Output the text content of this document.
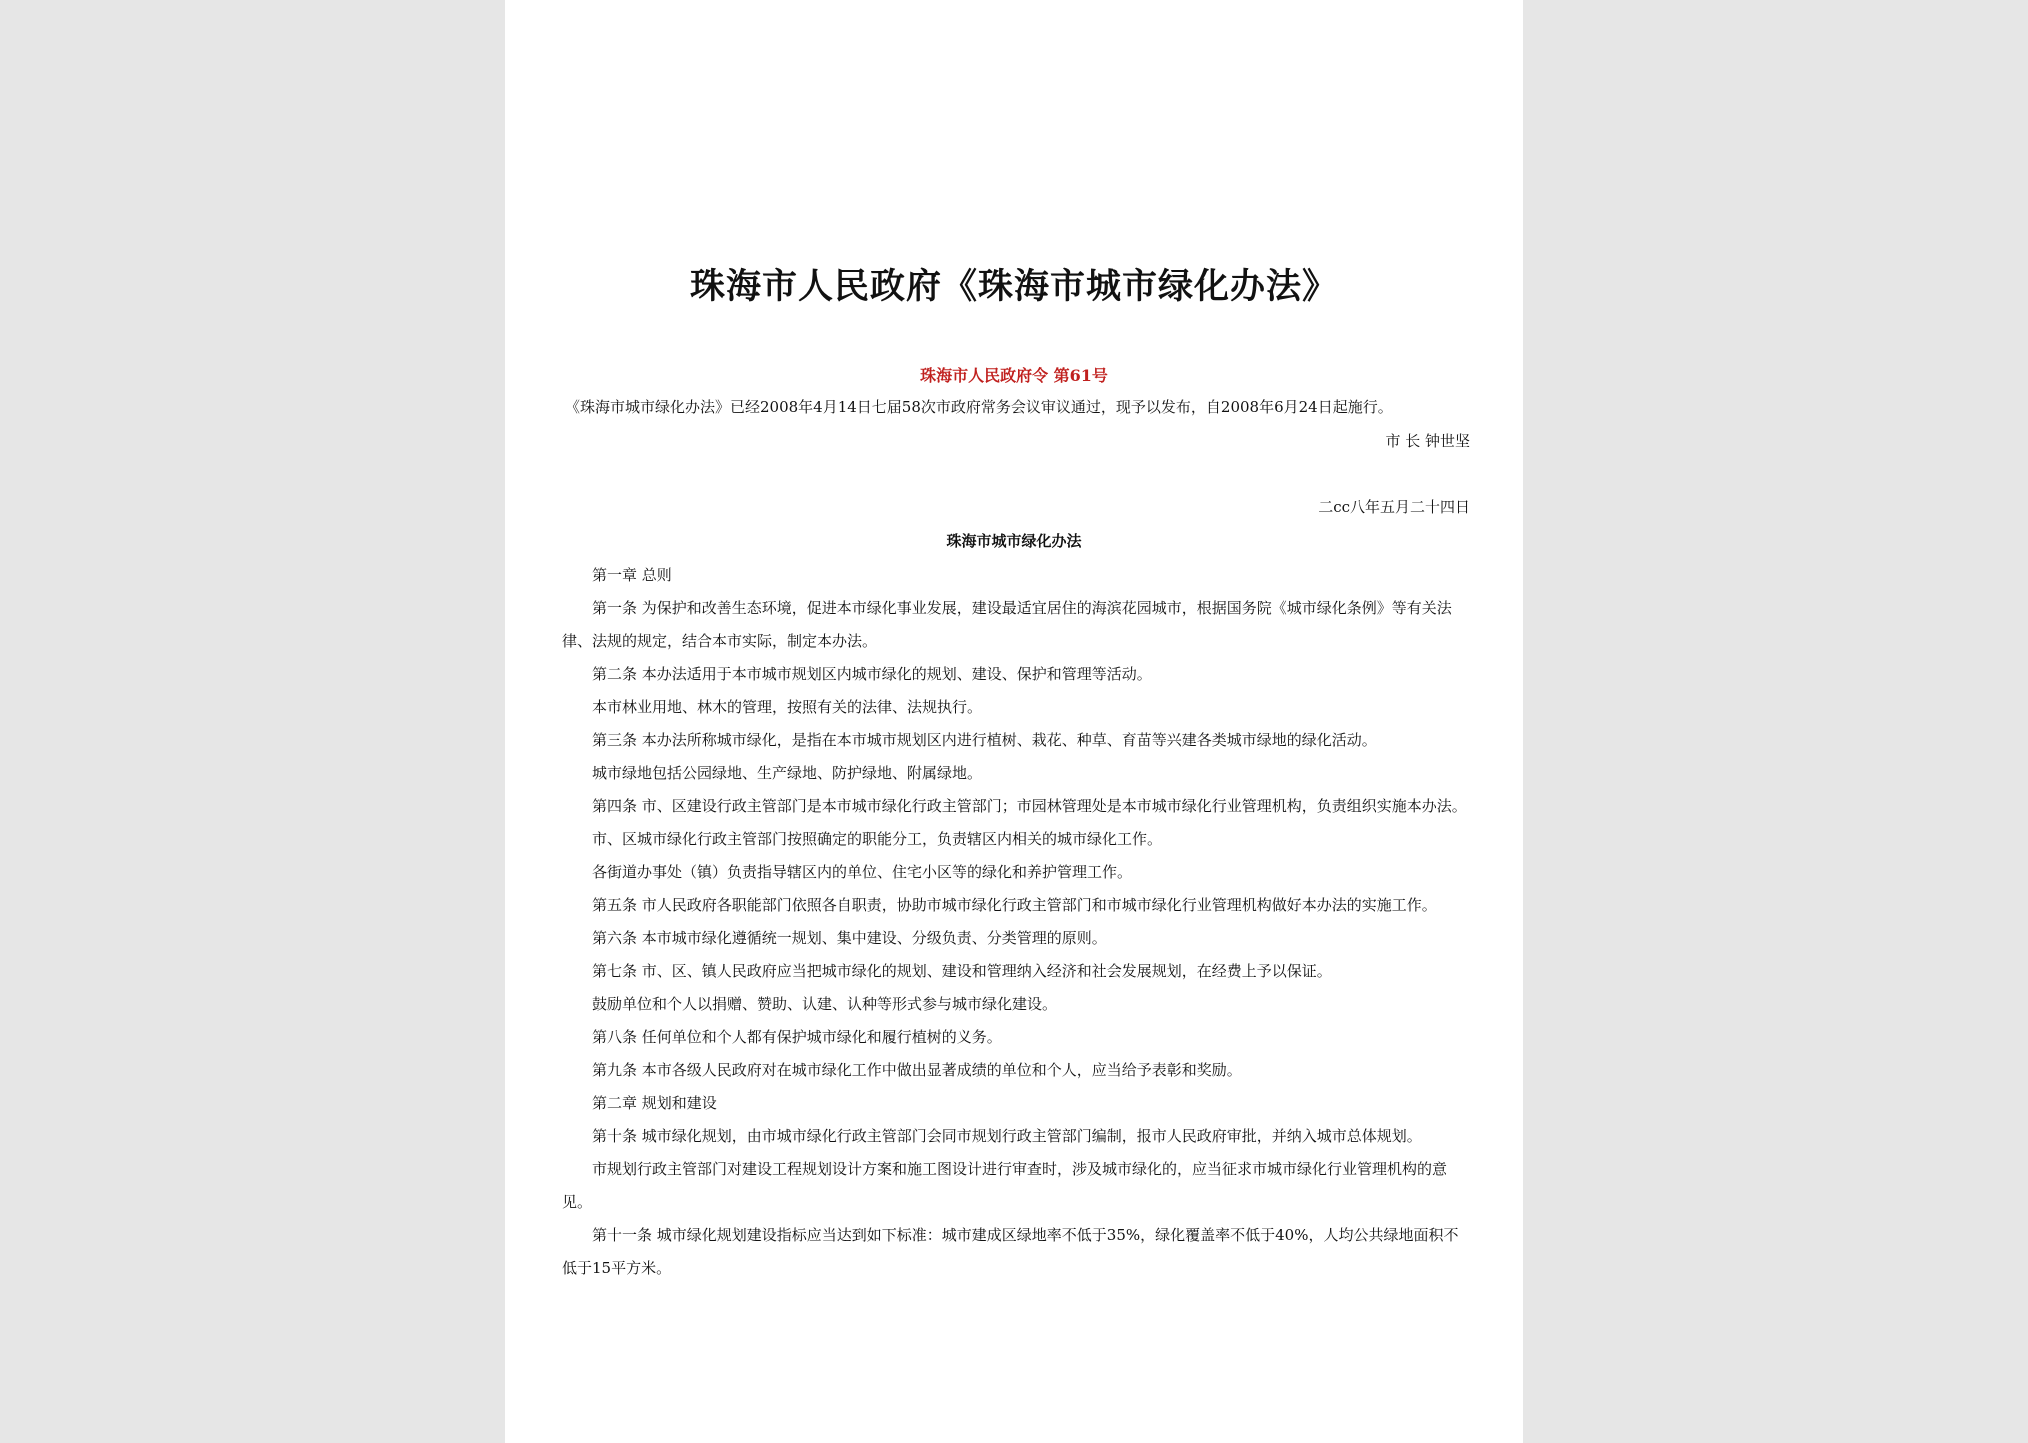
珠海市人民政府《珠海市城市绿化办法》
珠海市人民政府令 第61号
《珠海市城市绿化办法》已经2008年4月14日七届58次市政府常务会议审议通过，现予以发布，自2008年6月24日起施行。
市 长 钟世坚
二cc八年五月二十四日
珠海市城市绿化办法

第一章 总则

第一条 为保护和改善生态环境，促进本市绿化事业发展，建设最适宜居住的海滨花园城市，根据国务院《城市绿化条例》等有关法律、法规的规定，结合本市实际，制定本办法。

第二条 本办法适用于本市城市规划区内城市绿化的规划、建设、保护和管理等活动。

本市林业用地、林木的管理，按照有关的法律、法规执行。

第三条 本办法所称城市绿化，是指在本市城市规划区内进行植树、栽花、种草、育苗等兴建各类城市绿地的绿化活动。

城市绿地包括公园绿地、生产绿地、防护绿地、附属绿地。

第四条 市、区建设行政主管部门是本市城市绿化行政主管部门；市园林管理处是本市城市绿化行业管理机构，负责组织实施本办法。

市、区城市绿化行政主管部门按照确定的职能分工，负责辖区内相关的城市绿化工作。

各街道办事处（镇）负责指导辖区内的单位、住宅小区等的绿化和养护管理工作。

第五条 市人民政府各职能部门依照各自职责，协助市城市绿化行政主管部门和市城市绿化行业管理机构做好本办法的实施工作。

第六条 本市城市绿化遵循统一规划、集中建设、分级负责、分类管理的原则。

第七条 市、区、镇人民政府应当把城市绿化的规划、建设和管理纳入经济和社会发展规划，在经费上予以保证。

鼓励单位和个人以捐赠、赞助、认建、认种等形式参与城市绿化建设。

第八条 任何单位和个人都有保护城市绿化和履行植树的义务。

第九条 本市各级人民政府对在城市绿化工作中做出显著成绩的单位和个人，应当给予表彰和奖励。

第二章 规划和建设

第十条 城市绿化规划，由市城市绿化行政主管部门会同市规划行政主管部门编制，报市人民政府审批，并纳入城市总体规划。

市规划行政主管部门对建设工程规划设计方案和施工图设计进行审查时，涉及城市绿化的，应当征求市城市绿化行业管理机构的意见。

第十一条 城市绿化规划建设指标应当达到如下标准：城市建成区绿地率不低于35%，绿化覆盖率不低于40%，人均公共绿地面积不低于15平方米。
